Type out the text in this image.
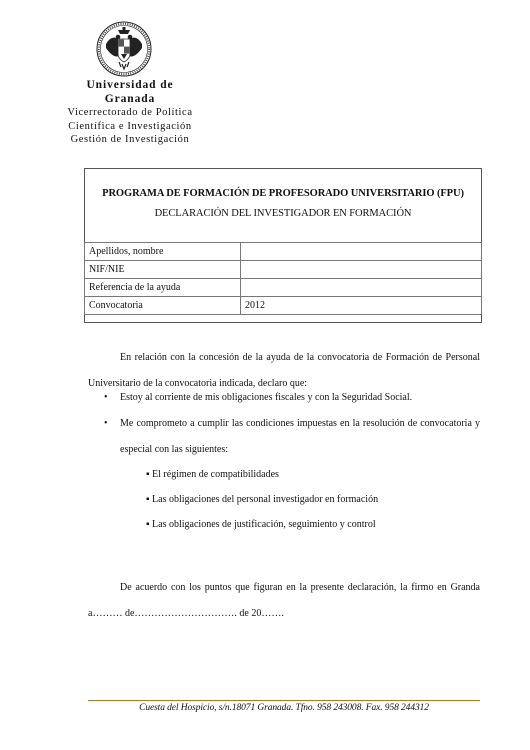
Universidad de Granada
Vicerrectorado de Política
Científica e Investigación
Gestión de Investigación
PROGRAMA DE FORMACIÓN DE PROFESORADO UNIVERSITARIO (FPU)
DECLARACIÓN DEL INVESTIGADOR EN FORMACIÓN
Apellidos, nombre	
NIF/NIE	
Referencia de la ayuda	
Convocatoria	2012

En relación con la concesión de la ayuda de la convocatoria de Formación de Personal Universitario de la convocatoria indicada, declaro que:

• Estoy al corriente de mis obligaciones fiscales y con la Seguridad Social.
• Me comprometo a cumplir las condiciones impuestas en la resolución de convocatoria y especial con las siguientes:
▪ El régimen de compatibilidades
▪ Las obligaciones del personal investigador en formación
▪ Las obligaciones de justificación, seguimiento y control

De acuerdo con los puntos que figuran en la presente declaración, la firmo en Granda a……… de…………………………. de 20…….

Cuesta del Hospicio, s/n.18071 Granada. Tfno. 958 243008. Fax. 958 244312
